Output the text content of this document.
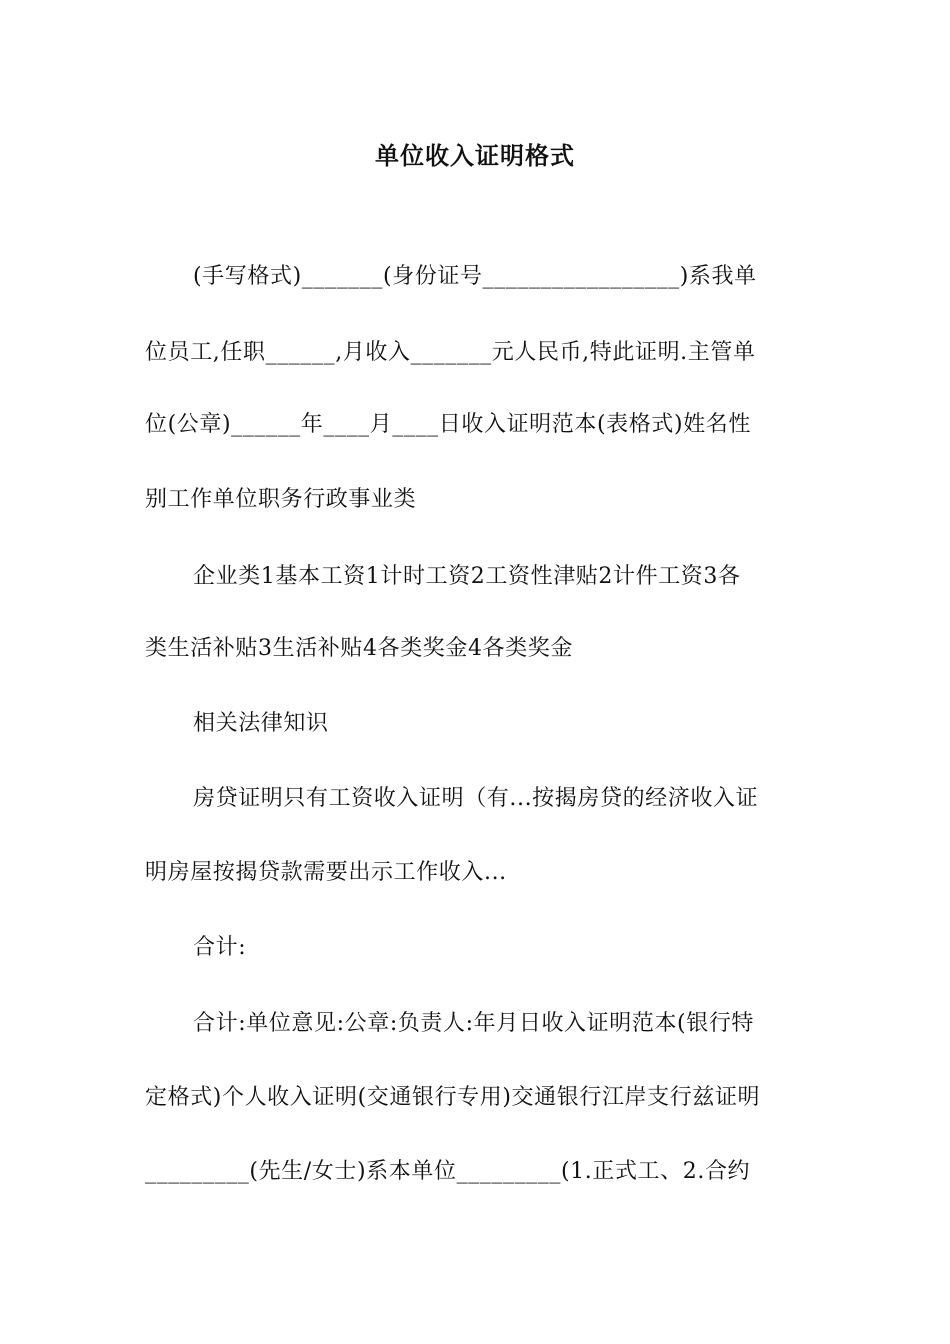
单位收入证明格式
(手写格式)_______(身份证号_________________)系我单
位员工,任职______,月收入_______元人民币,特此证明.主管单
位(公章)______年____月____日收入证明范本(表格式)姓名性
别工作单位职务行政事业类
企业类1基本工资1计时工资2工资性津贴2计件工资3各
类生活补贴3生活补贴4各类奖金4各类奖金
相关法律知识
房贷证明只有工资收入证明（有...按揭房贷的经济收入证
明房屋按揭贷款需要出示工作收入...
合计:
合计:单位意见:公章:负责人:年月日收入证明范本(银行特
定格式)个人收入证明(交通银行专用)交通银行江岸支行兹证明
_________(先生/女士)系本单位_________(1.正式工、2.合约
